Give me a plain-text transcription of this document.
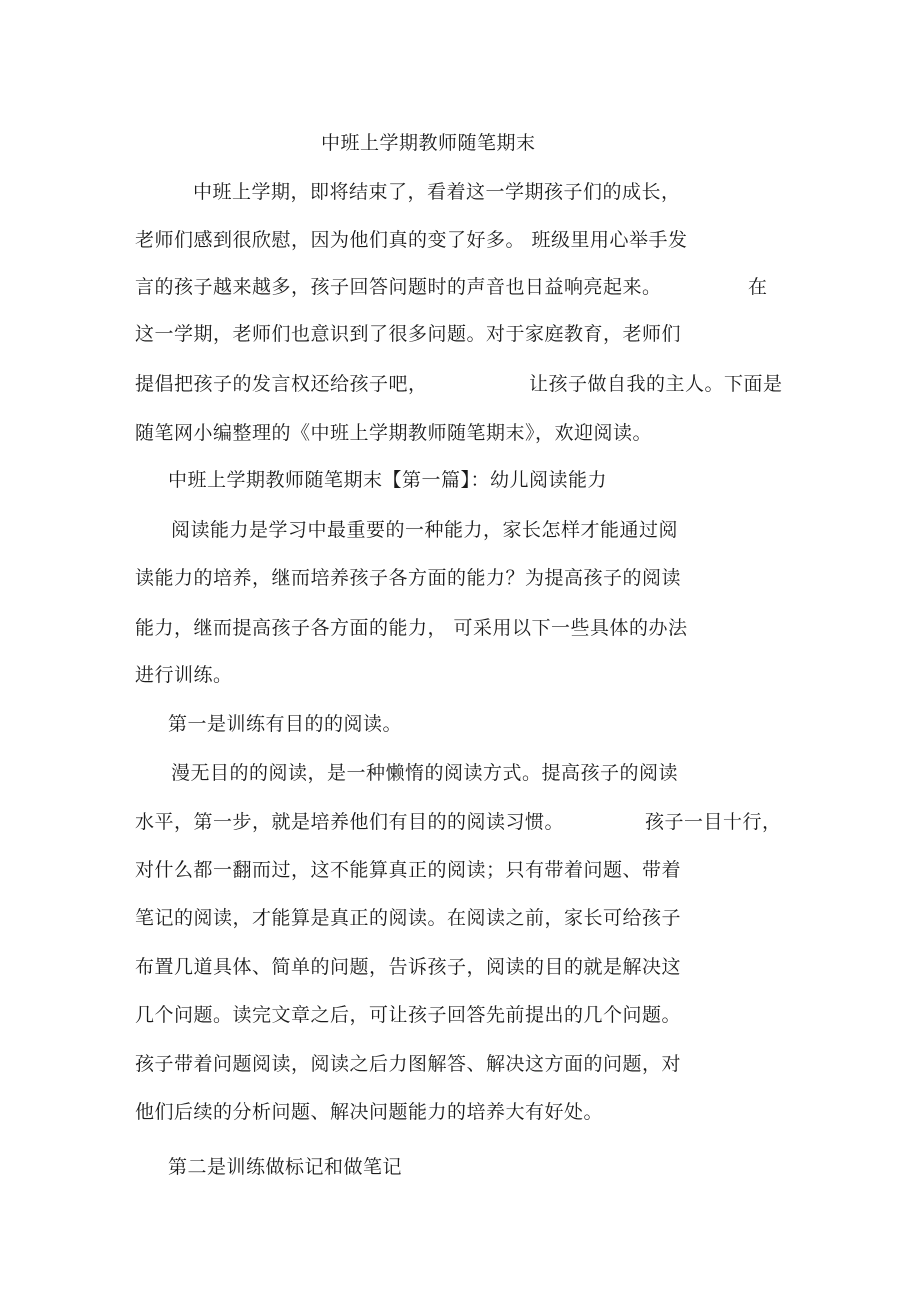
中班上学期教师随笔期末
中班上学期，即将结束了，看着这一学期孩子们的成长，
老师们感到很欣慰，因为他们真的变了好多。 班级里用心举手发
言的孩子越来越多，孩子回答问题时的声音也日益响亮起来。	在
这一学期，老师们也意识到了很多问题。对于家庭教育，老师们
提倡把孩子的发言权还给孩子吧，	让孩子做自我的主人。下面是
随笔网小编整理的《中班上学期教师随笔期末》，欢迎阅读。
中班上学期教师随笔期末【第一篇】：幼儿阅读能力
阅读能力是学习中最重要的一种能力，家长怎样才能通过阅
读能力的培养，继而培养孩子各方面的能力？为提高孩子的阅读
能力，继而提高孩子各方面的能力， 可采用以下一些具体的办法
进行训练。
第一是训练有目的的阅读。
漫无目的的阅读，是一种懒惰的阅读方式。提高孩子的阅读
水平，第一步，就是培养他们有目的的阅读习惯。	孩子一目十行，
对什么都一翻而过，这不能算真正的阅读；只有带着问题、带着
笔记的阅读，才能算是真正的阅读。在阅读之前，家长可给孩子
布置几道具体、简单的问题，告诉孩子，阅读的目的就是解决这
几个问题。读完文章之后，可让孩子回答先前提出的几个问题。
孩子带着问题阅读，阅读之后力图解答、解决这方面的问题，对
他们后续的分析问题、解决问题能力的培养大有好处。
第二是训练做标记和做笔记
